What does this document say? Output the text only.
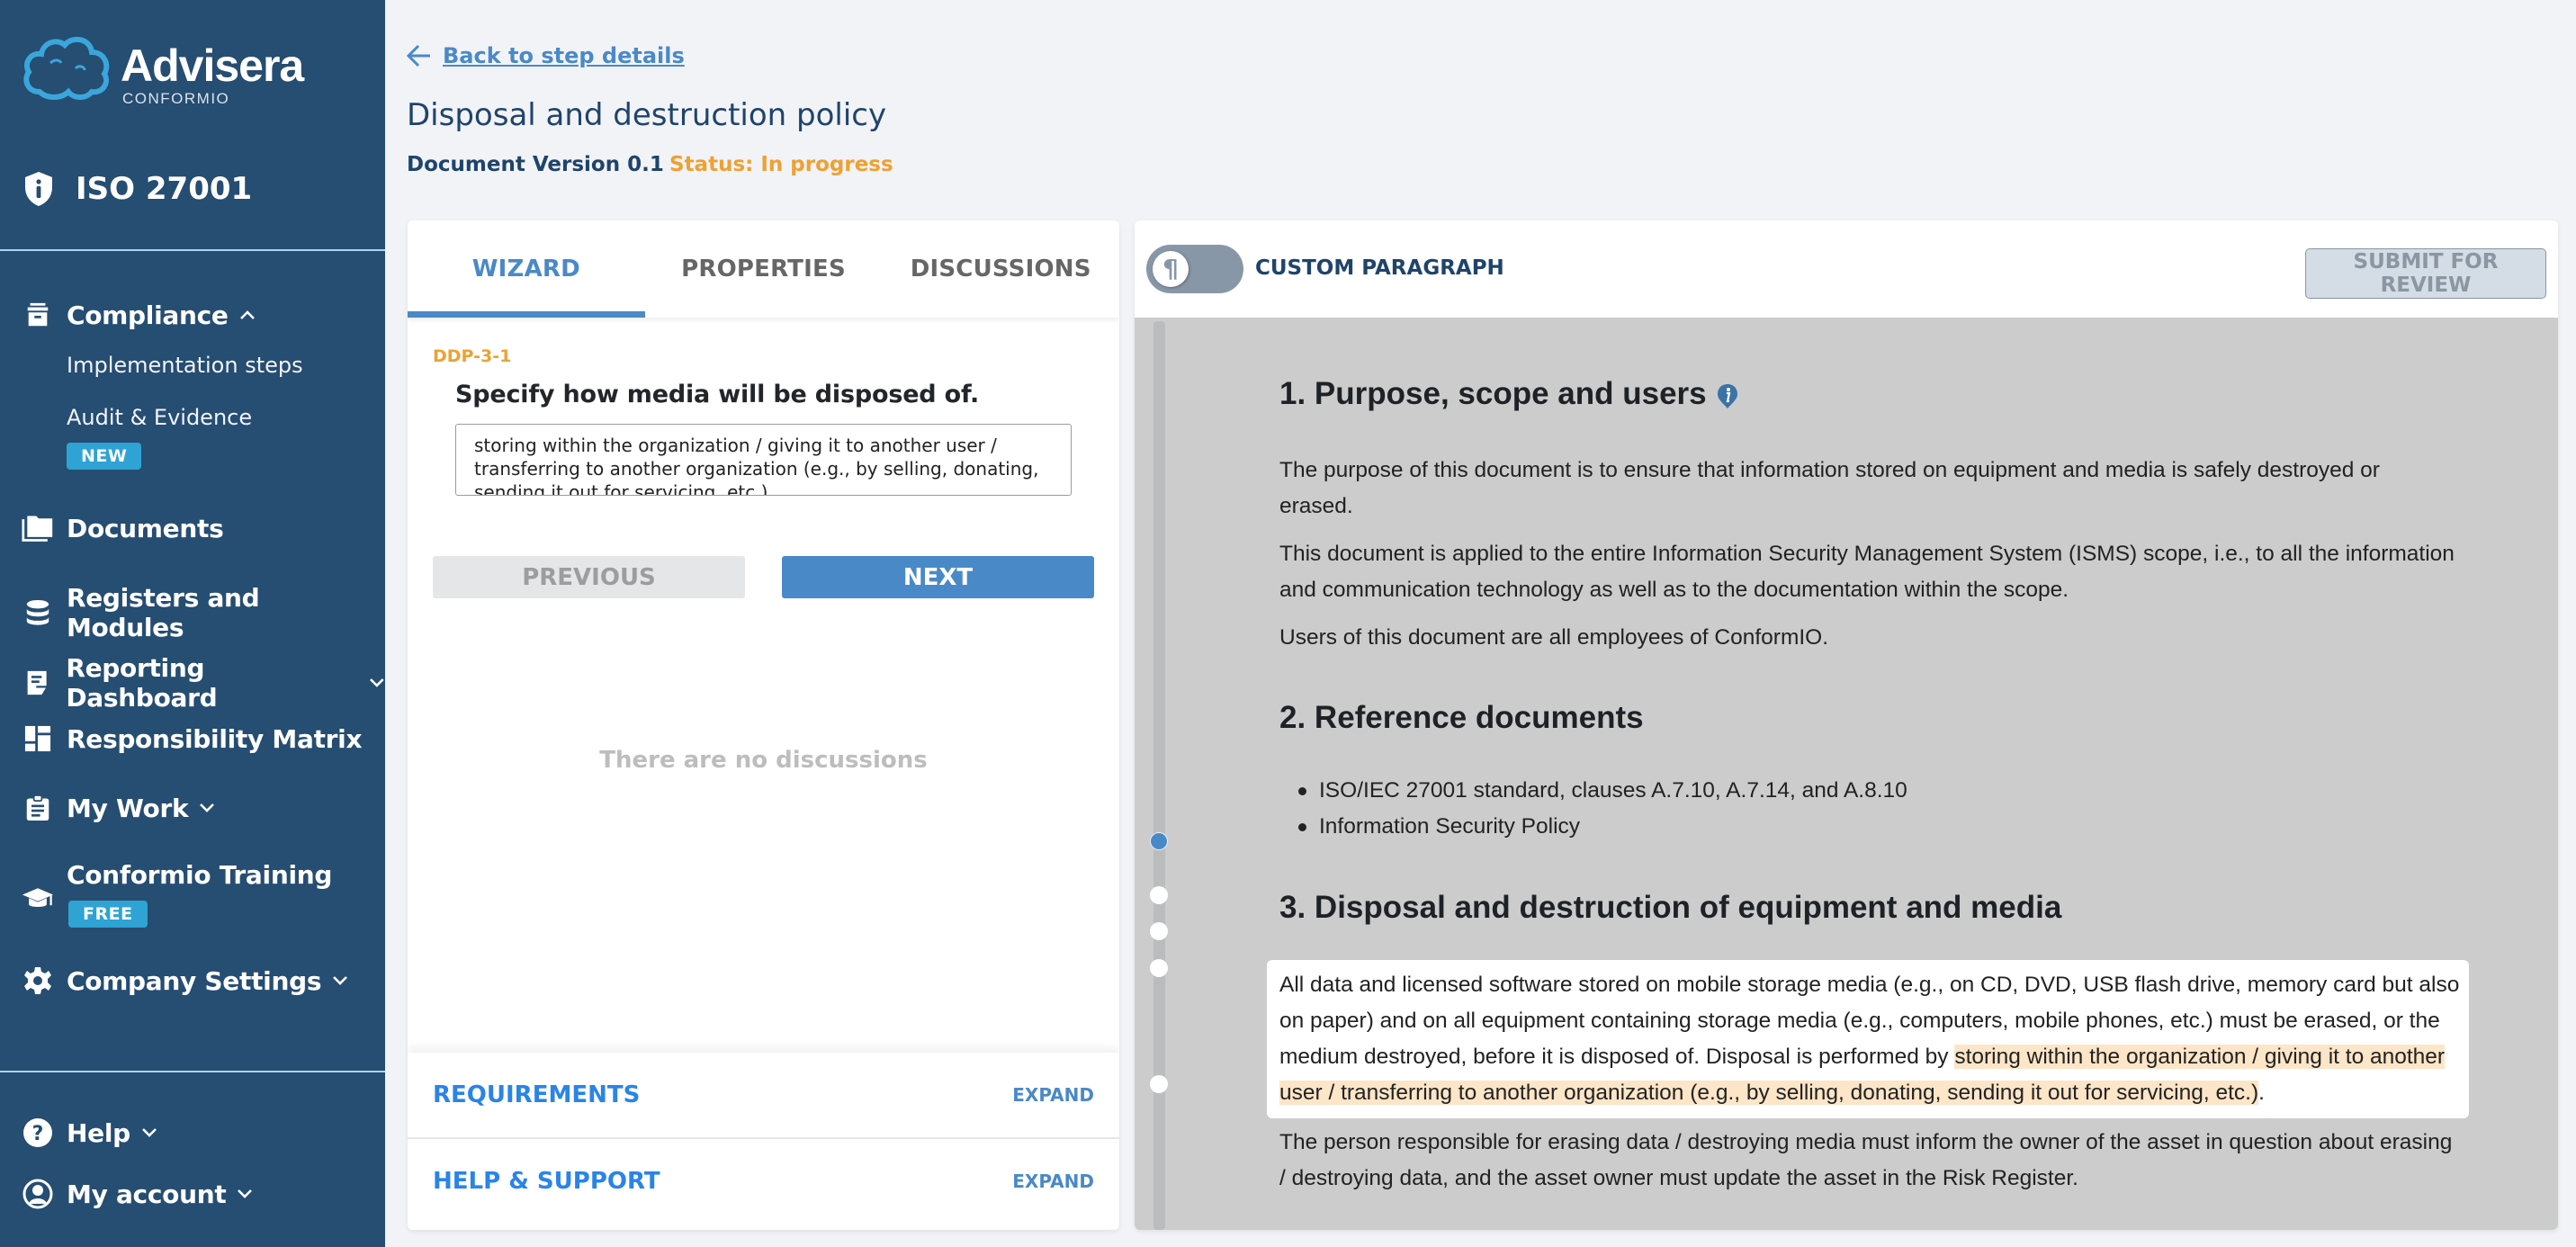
Advisera
CONFORMIO
ISO 27001
Compliance
Implementation steps
Audit & Evidence
NEW
Documents
Registers and Modules
Reporting Dashboard
Responsibility Matrix
My Work
Conformio Training
FREE
Company Settings
? Help
My account
Back to step details
Disposal and destruction policy
Document Version 0.1 Status: In progress
WIZARD	PROPERTIES	DISCUSSIONS
DDP-3-1
Specify how media will be disposed of.
storing within the organization / giving it to another user / transferring to another organization (e.g., by selling, donating, sending it out for servicing, etc.)
PREVIOUS	NEXT
There are no discussions
REQUIREMENTS	EXPAND
HELP & SUPPORT	EXPAND
¶	CUSTOM PARAGRAPH	SUBMIT FOR REVIEW
1. Purpose, scope and users

The purpose of this document is to ensure that information stored on equipment and media is safely destroyed or erased.

This document is applied to the entire Information Security Management System (ISMS) scope, i.e., to all the information and communication technology as well as to the documentation within the scope.

Users of this document are all employees of ConformIO.

2. Reference documents
ISO/IEC 27001 standard, clauses A.7.10, A.7.14, and A.8.10
Information Security Policy
3. Disposal and destruction of equipment and media

All data and licensed software stored on mobile storage media (e.g., on CD, DVD, USB flash drive, memory card but also on paper) and on all equipment containing storage media (e.g., computers, mobile phones, etc.) must be erased, or the medium destroyed, before it is disposed of. Disposal is performed by storing within the organization / giving it to another user / transferring to another organization (e.g., by selling, donating, sending it out for servicing, etc.).

The person responsible for erasing data / destroying media must inform the owner of the asset in question about erasing / destroying data, and the asset owner must update the asset in the Risk Register.
